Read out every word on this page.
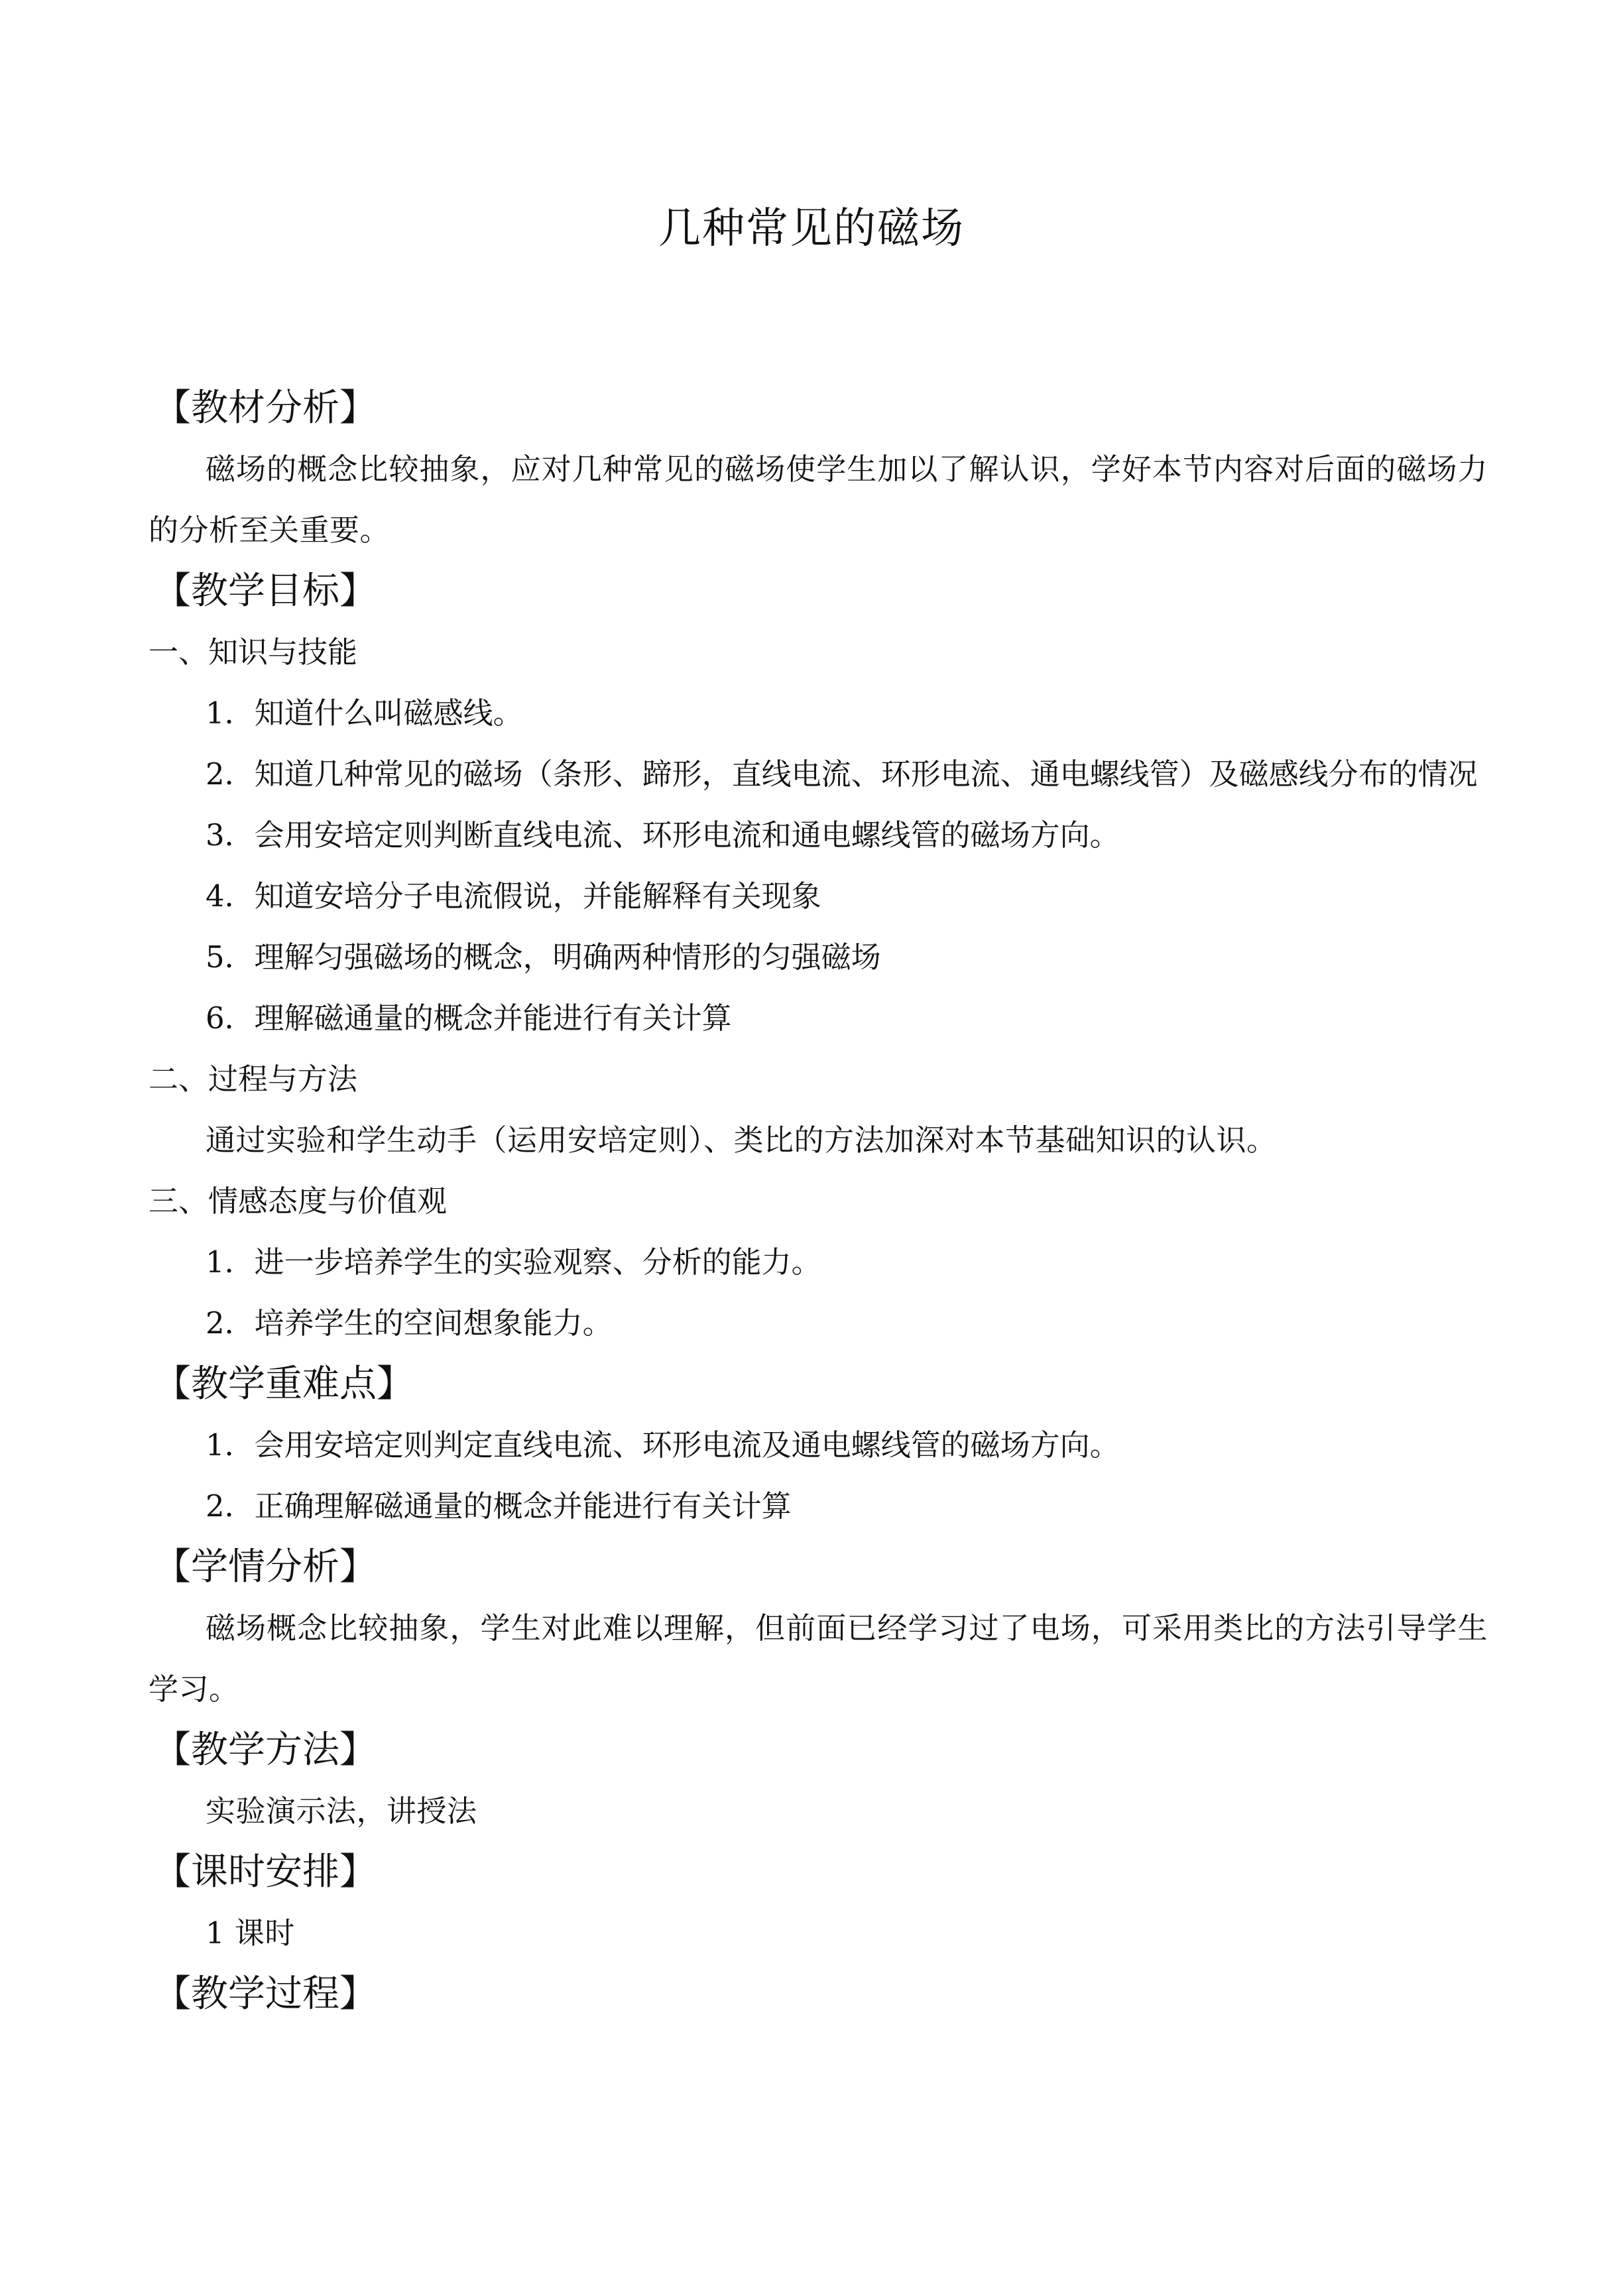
几种常见的磁场
【教材分析】
磁场的概念比较抽象，应对几种常见的磁场使学生加以了解认识，学好本节内容对后面的磁场力的分析至关重要。
【教学目标】
一、知识与技能
1．知道什么叫磁感线。
2．知道几种常见的磁场（条形、蹄形，直线电流、环形电流、通电螺线管）及磁感线分布的情况
3．会用安培定则判断直线电流、环形电流和通电螺线管的磁场方向。
4．知道安培分子电流假说，并能解释有关现象
5．理解匀强磁场的概念，明确两种情形的匀强磁场
6．理解磁通量的概念并能进行有关计算
二、过程与方法
通过实验和学生动手（运用安培定则）、类比的方法加深对本节基础知识的认识。
三、情感态度与价值观
1．进一步培养学生的实验观察、分析的能力。
2．培养学生的空间想象能力。
【教学重难点】
1．会用安培定则判定直线电流、环形电流及通电螺线管的磁场方向。
2．正确理解磁通量的概念并能进行有关计算
【学情分析】
磁场概念比较抽象，学生对此难以理解，但前面已经学习过了电场，可采用类比的方法引导学生学习。
【教学方法】
实验演示法，讲授法
【课时安排】
1 课时
【教学过程】
